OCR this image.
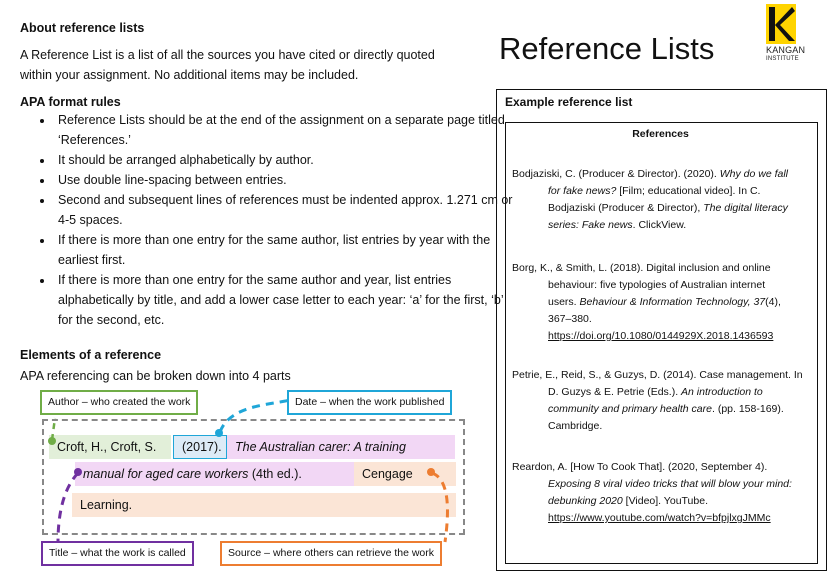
About reference lists
A Reference List is a list of all the sources you have cited or directly quoted within your assignment. No additional items may be included.
APA format rules
• Reference Lists should be at the end of the assignment on a separate page titled ‘References.’
• It should be arranged alphabetically by author.
• Use double line-spacing between entries.
• Second and subsequent lines of references must be indented approx. 1.271 cm or 4-5 spaces.
• If there is more than one entry for the same author, list entries by year with the earliest first.
• If there is more than one entry for the same author and year, list entries alphabetically by title, and add a lower case letter to each year: ‘a’ for the first, ‘b’ for the second, etc.
Elements of a reference
APA referencing can be broken down into 4 parts
Croft, H., Croft, S.	(2017).	The Australian carer: A training
manual for aged care workers (4th ed.).	Cengage
Learning.
Author – who created the work	Date – when the work published
Title – what the work is called	Source – where others can retrieve the work
Reference Lists	KANGAN
INSTITUTE
Example reference list
References
Bodjaziski, C. (Producer & Director). (2020). Why do we fall
for fake news? [Film; educational video]. In C.
Bodjaziski (Producer & Director), The digital literacy
series: Fake news. ClickView.
Borg, K., & Smith, L. (2018). Digital inclusion and online
behaviour: five typologies of Australian internet
users. Behaviour & Information Technology, 37(4),
367–380.
https://doi.org/10.1080/0144929X.2018.1436593
Petrie, E., Reid, S., & Guzys, D. (2014). Case management. In
D. Guzys & E. Petrie (Eds.). An introduction to
community and primary health care. (pp. 158-169).
Cambridge.
Reardon, A. [How To Cook That]. (2020, September 4).
Exposing 8 viral video tricks that will blow your mind:
debunking 2020 [Video]. YouTube.
https://www.youtube.com/watch?v=bfpjlxgJMMc
